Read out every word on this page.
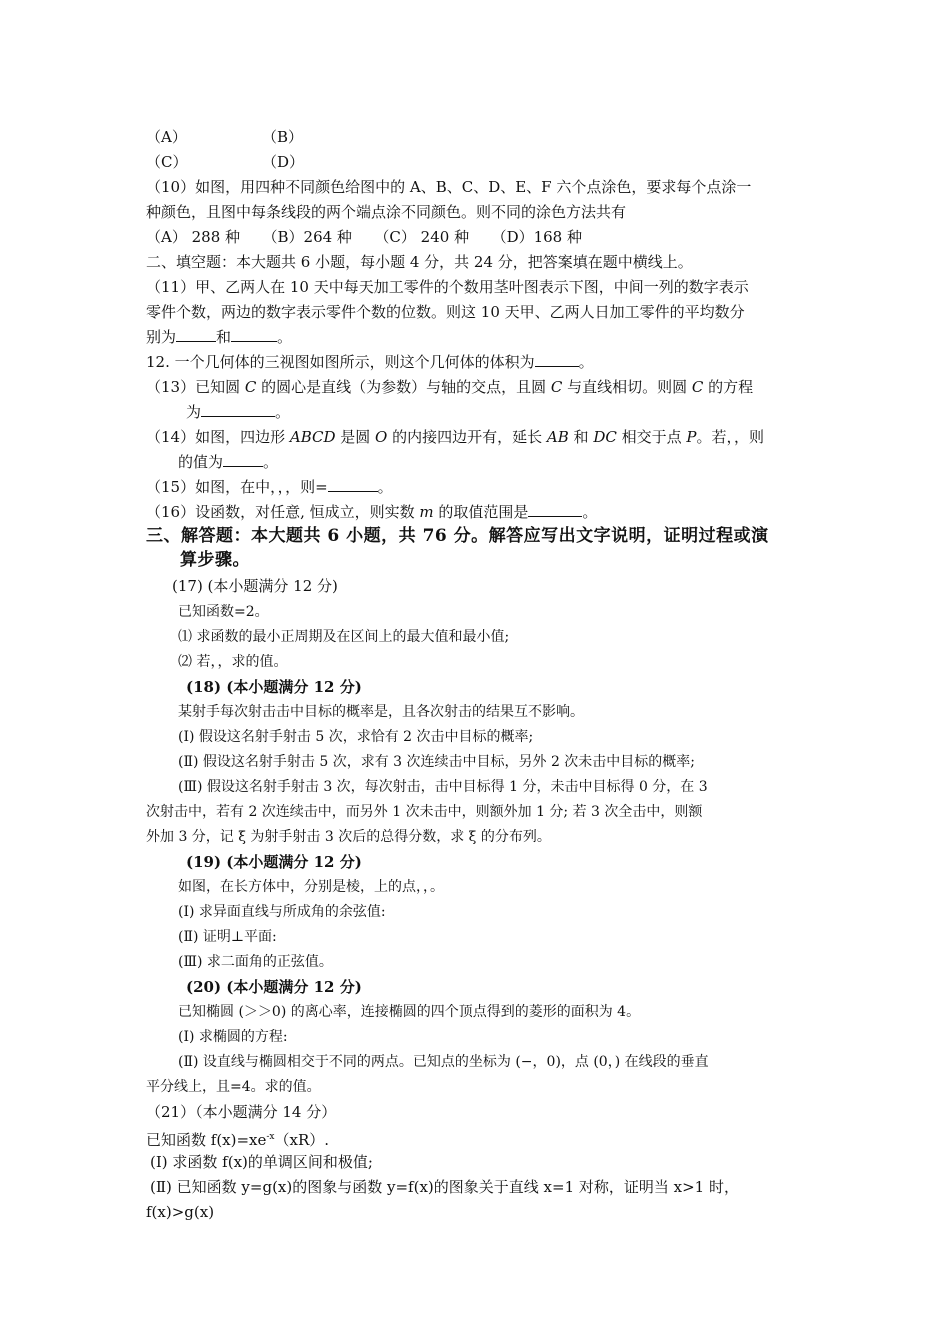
（A）	（B）
（C）	（D）
（10）如图，用四种不同颜色给图中的 A、B、C、D、E、F 六个点涂色，要求每个点涂一
种颜色，且图中每条线段的两个端点涂不同颜色。则不同的涂色方法共有
（A） 288 种　　（B）264 种　　（C） 240 种　　（D）168 种
二、填空题：本大题共 6 小题，每小题 4 分，共 24 分，把答案填在题中横线上。
（11）甲、乙两人在 10 天中每天加工零件的个数用茎叶图表示下图，中间一列的数字表示
零件个数，两边的数字表示零件个数的位数。则这 10 天甲、乙两人日加工零件的平均数分
别为	和	。
12. 一个几何体的三视图如图所示，则这个几何体的体积为	。
（13）已知圆 C 的圆心是直线（为参数）与轴的交点，且圆 C 与直线相切。则圆 C 的方程
为	。
（14）如图，四边形 ABCD 是圆 O 的内接四边开有，延长 AB 和 DC 相交于点 P。若，，则
的值为	。
（15）如图，在中，，，则=	。
（16）设函数，对任意, 恒成立，则实数 m 的取值范围是	。
三、解答题：本大题共 6 小题，共 76 分。解答应写出文字说明，证明过程或演
算步骤。
(17) (本小题满分 12 分)
已知函数=2。
⑴ 求函数的最小正周期及在区间上的最大值和最小值;
⑵ 若，，求的值。
(18) (本小题满分 12 分)
某射手每次射击击中目标的概率是，且各次射击的结果互不影响。
(Ⅰ) 假设这名射手射击 5 次，求恰有 2 次击中目标的概率;
(Ⅱ) 假设这名射手射击 5 次，求有 3 次连续击中目标，另外 2 次未击中目标的概率;
(Ⅲ) 假设这名射手射击 3 次，每次射击，击中目标得 1 分，未击中目标得 0 分，在 3
次射击中，若有 2 次连续击中，而另外 1 次未击中，则额外加 1 分; 若 3 次全击中，则额
外加 3 分，记 ξ 为射手射击 3 次后的总得分数，求 ξ 的分布列。
(19) (本小题满分 12 分)
如图，在长方体中，分别是棱，上的点，，。
(Ⅰ) 求异面直线与所成角的余弦值:
(Ⅱ) 证明⊥平面:
(Ⅲ) 求二面角的正弦值。
(20) (本小题满分 12 分)
已知椭圆 (＞＞0) 的离心率，连接椭圆的四个顶点得到的菱形的面积为 4。
(Ⅰ) 求椭圆的方程:
(Ⅱ) 设直线与椭圆相交于不同的两点。已知点的坐标为 (−，0)，点 (0，) 在线段的垂直
平分线上，且=4。求的值。
（21）（本小题满分 14 分）
已知函数 $f(x)=xe^{-x}(xR)$.
(Ⅰ) 求函数 f(x)的单调区间和极值;
(Ⅱ) 已知函数 y=g(x)的图象与函数 y=f(x)的图象关于直线 x=1 对称，证明当 x>1 时，
f(x)>g(x)
